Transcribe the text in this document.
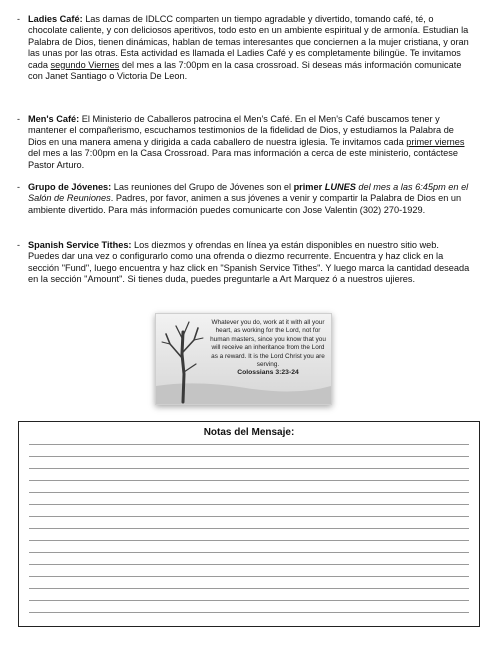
‐ Ladies Café: Las damas de IDLCC comparten un tiempo agradable y divertido, tomando café, té, o chocolate caliente, y con deliciosos aperitivos, todo esto en un ambiente espiritual y de armonía. Estudian la Palabra de Dios, tienen dinámicas, hablan de temas interesantes que conciernen a la mujer cristiana, y oran las unas por las otras. Esta actividad es llamada el Ladies Café y es completamente bilingüe. Te invitamos cada segundo Viernes del mes a las 7:00pm en la casa crossroad. Si deseas más información comunicate con Janet Santiago o Victoria De Leon.
‐ Men's Café: El Ministerio de Caballeros patrocina el Men's Café. En el Men's Café buscamos tener y mantener el compañerismo, escuchamos testimonios de la fidelidad de Dios, y estudiamos la Palabra de Dios en una manera amena y dirigida a cada caballero de nuestra iglesia. Te invitamos cada primer viernes del mes a las 7:00pm en la Casa Crossroad. Para mas información a cerca de este ministerio, contáctese Pastor Arturo.
‐ Grupo de Jóvenes: Las reuniones del Grupo de Jóvenes son el primer LUNES del mes a las 6:45pm en el Salón de Reuniones. Padres, por favor, animen a sus jóvenes a venir y compartir la Palabra de Dios en un ambiente divertido. Para más información puedes comunicarte con Jose Valentin (302) 270-1929.
‐ Spanish Service Tithes: Los diezmos y ofrendas en línea ya están disponibles en nuestro sitio web. Puedes dar una vez o configurarlo como una ofrenda o diezmo recurrente. Encuentra y haz click en la sección "Fund", luego encuentra y haz click en "Spanish Service Tithes". Y luego marca la cantidad deseada en la sección "Amount". Si tienes duda, puedes preguntarle a Art Marquez ó a nuestros ujieres.
Whatever you do, work at it with all your heart, as working for the Lord, not for human masters, since you know that you will receive an inheritance from the Lord as a reward. It is the Lord Christ you are serving.
Colossians 3:23-24
Notas del Mensaje:
